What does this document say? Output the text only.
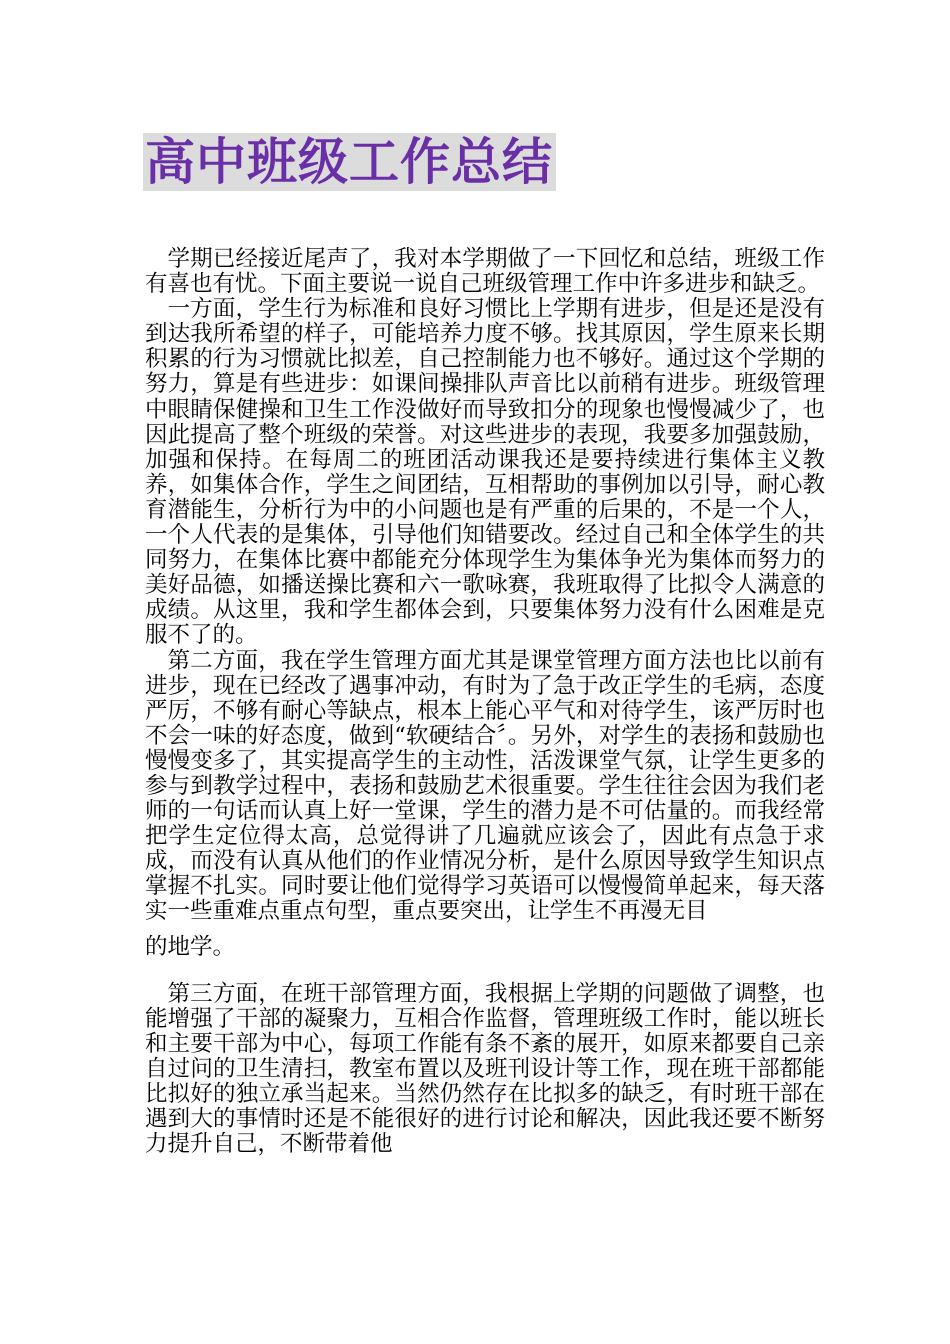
高中班级工作总结

学期已经接近尾声了，我对本学期做了一下回忆和总结，班级工作有喜也有忧。下面主要说一说自己班级管理工作中许多进步和缺乏。

一方面，学生行为标准和良好习惯比上学期有进步，但是还是没有到达我所希望的样子，可能培养力度不够。找其原因，学生原来长期积累的行为习惯就比拟差，自己控制能力也不够好。通过这个学期的努力，算是有些进步：如课间操排队声音比以前稍有进步。班级管理中眼睛保健操和卫生工作没做好而导致扣分的现象也慢慢减少了，也因此提高了整个班级的荣誉。对这些进步的表现，我要多加强鼓励，加强和保持。在每周二的班团活动课我还是要持续进行集体主义教养，如集体合作，学生之间团结，互相帮助的事例加以引导，耐心教育潜能生，分析行为中的小问题也是有严重的后果的，不是一个人，一个人代表的是集体，引导他们知错要改。经过自己和全体学生的共同努力，在集体比赛中都能充分体现学生为集体争光为集体而努力的美好品德，如播送操比赛和六一歌咏赛，我班取得了比拟令人满意的成绩。从这里，我和学生都体会到，只要集体努力没有什么困难是克服不了的。

第二方面，我在学生管理方面尤其是课堂管理方面方法也比以前有进步，现在已经改了遇事冲动，有时为了急于改正学生的毛病，态度严厉，不够有耐心等缺点，根本上能心平气和对待学生，该严厉时也不会一味的好态度，做到“软硬结合〞。另外，对学生的表扬和鼓励也慢慢变多了，其实提高学生的主动性，活泼课堂气氛，让学生更多的参与到教学过程中，表扬和鼓励艺术很重要。学生往往会因为我们老师的一句话而认真上好一堂课，学生的潜力是不可估量的。而我经常把学生定位得太高，总觉得讲了几遍就应该会了，因此有点急于求成，而没有认真从他们的作业情况分析，是什么原因导致学生知识点掌握不扎实。同时要让他们觉得学习英语可以慢慢简单起来，每天落实一些重难点重点句型，重点要突出，让学生不再漫无目
的地学。

第三方面，在班干部管理方面，我根据上学期的问题做了调整，也能增强了干部的凝聚力，互相合作监督，管理班级工作时，能以班长和主要干部为中心，每项工作能有条不紊的展开，如原来都要自己亲自过问的卫生清扫，教室布置以及班刊设计等工作，现在班干部都能比拟好的独立承当起来。当然仍然存在比拟多的缺乏，有时班干部在遇到大的事情时还是不能很好的进行讨论和解决，因此我还要不断努力提升自己，不断带着他
